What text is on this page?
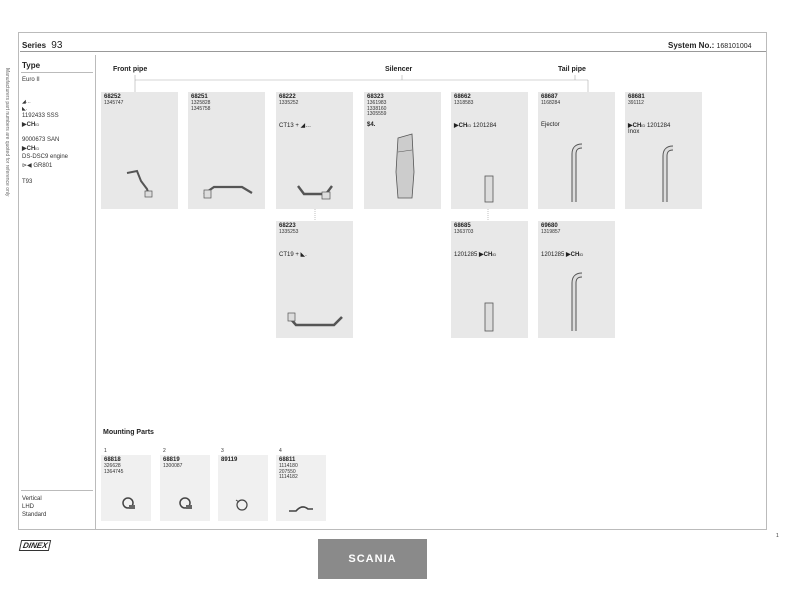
Series 93	System No.: 168101004
Manufacturers part numbers are quoted for reference only
Type
Euro II
◢…
◣.
1192433 SSS
▶CHID
9000673 SAN
▶CHID
DS-DSC9 engine
⊳◀ GR801
T93
Vertical
LHD
Standard
Front pipe	Silencer	Tail pipe
68252
1345747
68251
1325828
1345758
68222
1335252
CT13 + ◢…
68323
1361983
1338160
1305559
$4.
68662
1318583
▶CHID 1201284
68687
1168284
Ejector
68681
391112
▶CHID 1201284
Inox
68223
1335253
CT19 + ◣.
68685
1363703
1201285 ▶CHID
69680
1319857
1201285 ▶CHID
Mounting Parts
1
68818
326628
1364745
2
68819
1300087
3
89119
4
68811
1114180
207550
1114182
DINEX
SCANIA
1
